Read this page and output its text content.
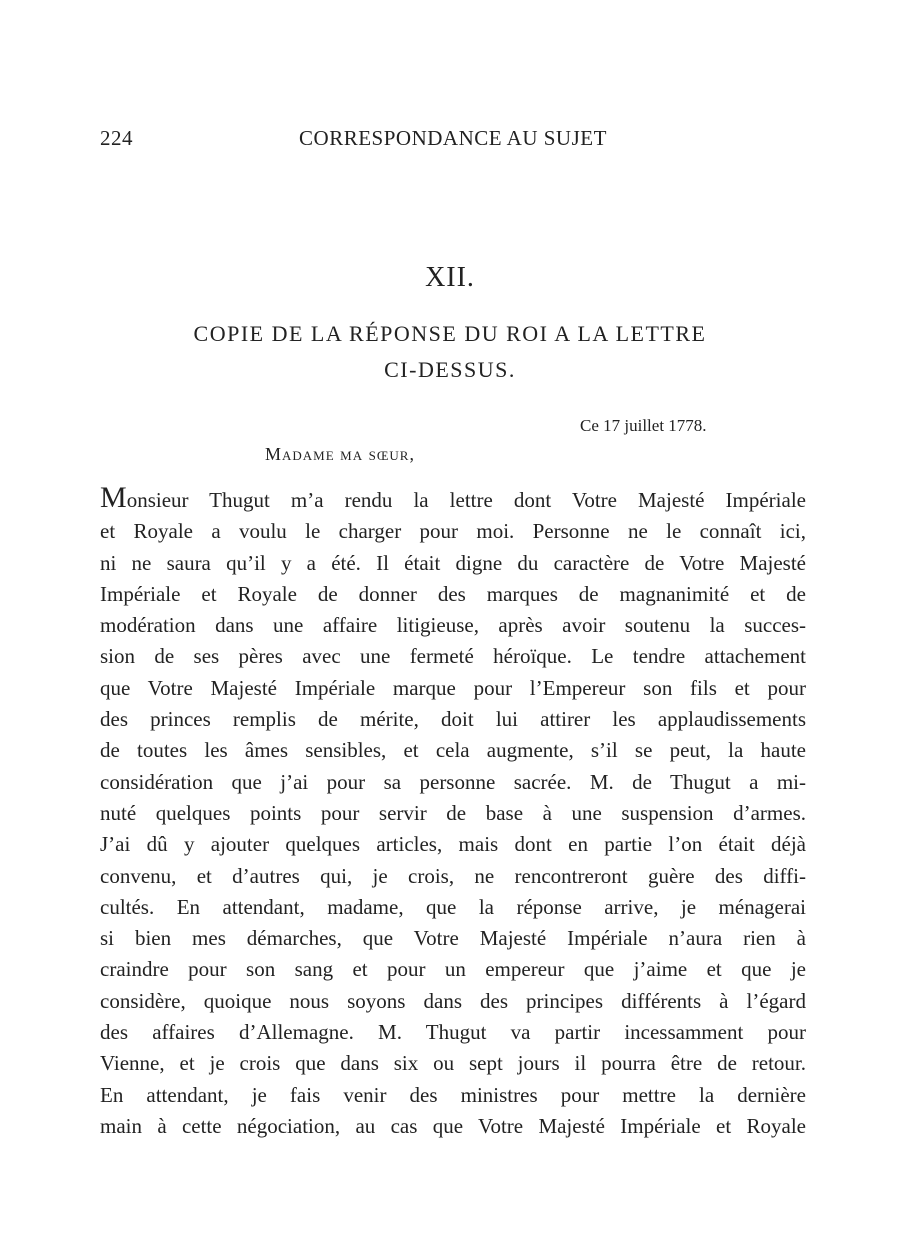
224	CORRESPONDANCE AU SUJET
XII.
COPIE DE LA RÉPONSE DU ROI A LA LETTRE
CI-DESSUS.
Ce 17 juillet 1778.
Madame ma sœur,
Monsieur Thugut m’a rendu la lettre dont Votre Majesté Impériale
et Royale a voulu le charger pour moi. Personne ne le connaît ici,
ni ne saura qu’il y a été. Il était digne du caractère de Votre Majesté
Impériale et Royale de donner des marques de magnanimité et de
modération dans une affaire litigieuse, après avoir soutenu la succes-
sion de ses pères avec une fermeté héroïque. Le tendre attachement
que Votre Majesté Impériale marque pour l’Empereur son fils et pour
des princes remplis de mérite, doit lui attirer les applaudissements
de toutes les âmes sensibles, et cela augmente, s’il se peut, la haute
considération que j’ai pour sa personne sacrée. M. de Thugut a mi-
nuté quelques points pour servir de base à une suspension d’armes.
J’ai dû y ajouter quelques articles, mais dont en partie l’on était déjà
convenu, et d’autres qui, je crois, ne rencontreront guère des diffi-
cultés. En attendant, madame, que la réponse arrive, je ménagerai
si bien mes démarches, que Votre Majesté Impériale n’aura rien à
craindre pour son sang et pour un empereur que j’aime et que je
considère, quoique nous soyons dans des principes différents à l’égard
des affaires d’Allemagne. M. Thugut va partir incessamment pour
Vienne, et je crois que dans six ou sept jours il pourra être de retour.
En attendant, je fais venir des ministres pour mettre la dernière
main à cette négociation, au cas que Votre Majesté Impériale et Royale
